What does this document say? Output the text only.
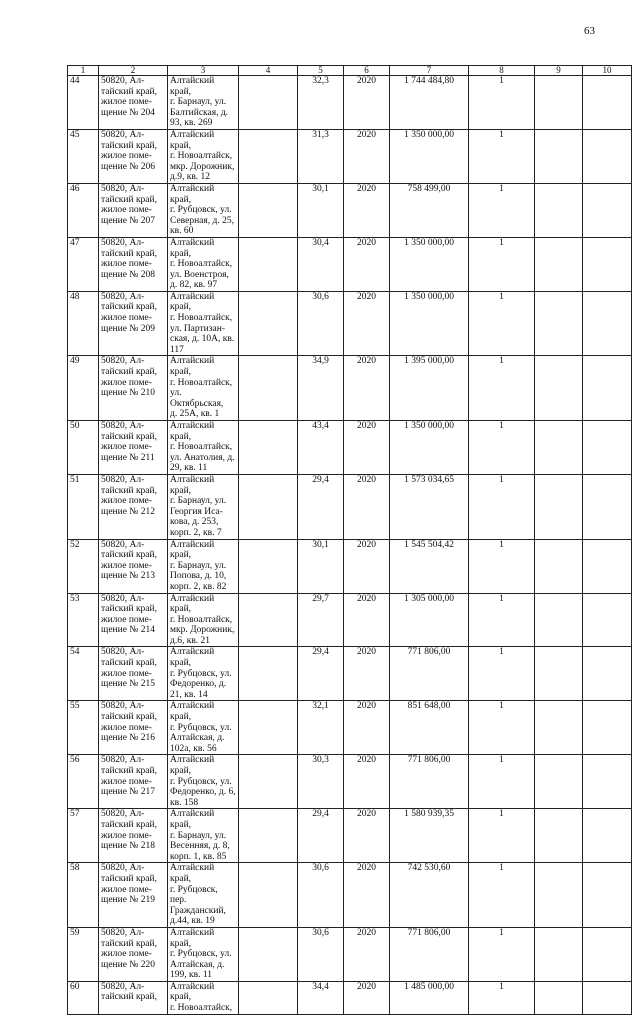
63
1	2	3	4	5	6	7	8	9	10
44	50820, Ал-
тайский край,
жилое поме-
щение № 204	Алтайский край,
г. Барнаул, ул.
Балтийская, д.
93, кв. 269		32,3	2020	1 744 484,80	1		
45	50820, Ал-
тайский край,
жилое поме-
щение № 206	Алтайский край,
г. Новоалтайск,
мкр. Дорожник,
д.9, кв. 12		31,3	2020	1 350 000,00	1		
46	50820, Ал-
тайский край,
жилое поме-
щение № 207	Алтайский край,
г. Рубцовск, ул.
Северная, д. 25,
кв. 60		30,1	2020	758 499,00	1		
47	50820, Ал-
тайский край,
жилое поме-
щение № 208	Алтайский край,
г. Новоалтайск,
ул. Военстроя,
д. 82, кв. 97		30,4	2020	1 350 000,00	1		
48	50820, Ал-
тайский край,
жилое поме-
щение № 209	Алтайский край,
г. Новоалтайск,
ул. Партизан-
ская, д. 10А, кв.
117		30,6	2020	1 350 000,00	1		
49	50820, Ал-
тайский край,
жилое поме-
щение № 210	Алтайский край,
г. Новоалтайск,
ул. Октябрьская,
д. 25А, кв. 1		34,9	2020	1 395 000,00	1		
50	50820, Ал-
тайский край,
жилое поме-
щение № 211	Алтайский край,
г. Новоалтайск,
ул. Анатолия, д.
29, кв. 11		43,4	2020	1 350 000,00	1		
51	50820, Ал-
тайский край,
жилое поме-
щение № 212	Алтайский край,
г. Барнаул, ул.
Георгия Иса-
кова, д. 253,
корп. 2, кв. 7		29,4	2020	1 573 034,65	1		
52	50820, Ал-
тайский край,
жилое поме-
щение № 213	Алтайский край,
г. Барнаул, ул.
Попова, д. 10,
корп. 2, кв. 82		30,1	2020	1 545 504,42	1		
53	50820, Ал-
тайский край,
жилое поме-
щение № 214	Алтайский край,
г. Новоалтайск,
мкр. Дорожник,
д.6, кв. 21		29,7	2020	1 305 000,00	1		
54	50820, Ал-
тайский край,
жилое поме-
щение № 215	Алтайский край,
г. Рубцовск, ул.
Федоренко, д.
21, кв. 14		29,4	2020	771 806,00	1		
55	50820, Ал-
тайский край,
жилое поме-
щение № 216	Алтайский край,
г. Рубцовск, ул.
Алтайская, д.
102а, кв. 56		32,1	2020	851 648,00	1		
56	50820, Ал-
тайский край,
жилое поме-
щение № 217	Алтайский край,
г. Рубцовск, ул.
Федоренко, д. 6,
кв. 158		30,3	2020	771 806,00	1		
57	50820, Ал-
тайский край,
жилое поме-
щение № 218	Алтайский край,
г. Барнаул, ул.
Весенняя, д. 8,
корп. 1, кв. 85		29,4	2020	1 580 939,35	1		
58	50820, Ал-
тайский край,
жилое поме-
щение № 219	Алтайский край,
г. Рубцовск, пер.
Гражданский,
д.44, кв. 19		30,6	2020	742 530,60	1		
59	50820, Ал-
тайский край,
жилое поме-
щение № 220	Алтайский край,
г. Рубцовск, ул.
Алтайская, д.
199, кв. 11		30,6	2020	771 806,00	1		
60	50820, Ал-
тайский край,	Алтайский край,
г. Новоалтайск,		34,4	2020	1 485 000,00	1		
